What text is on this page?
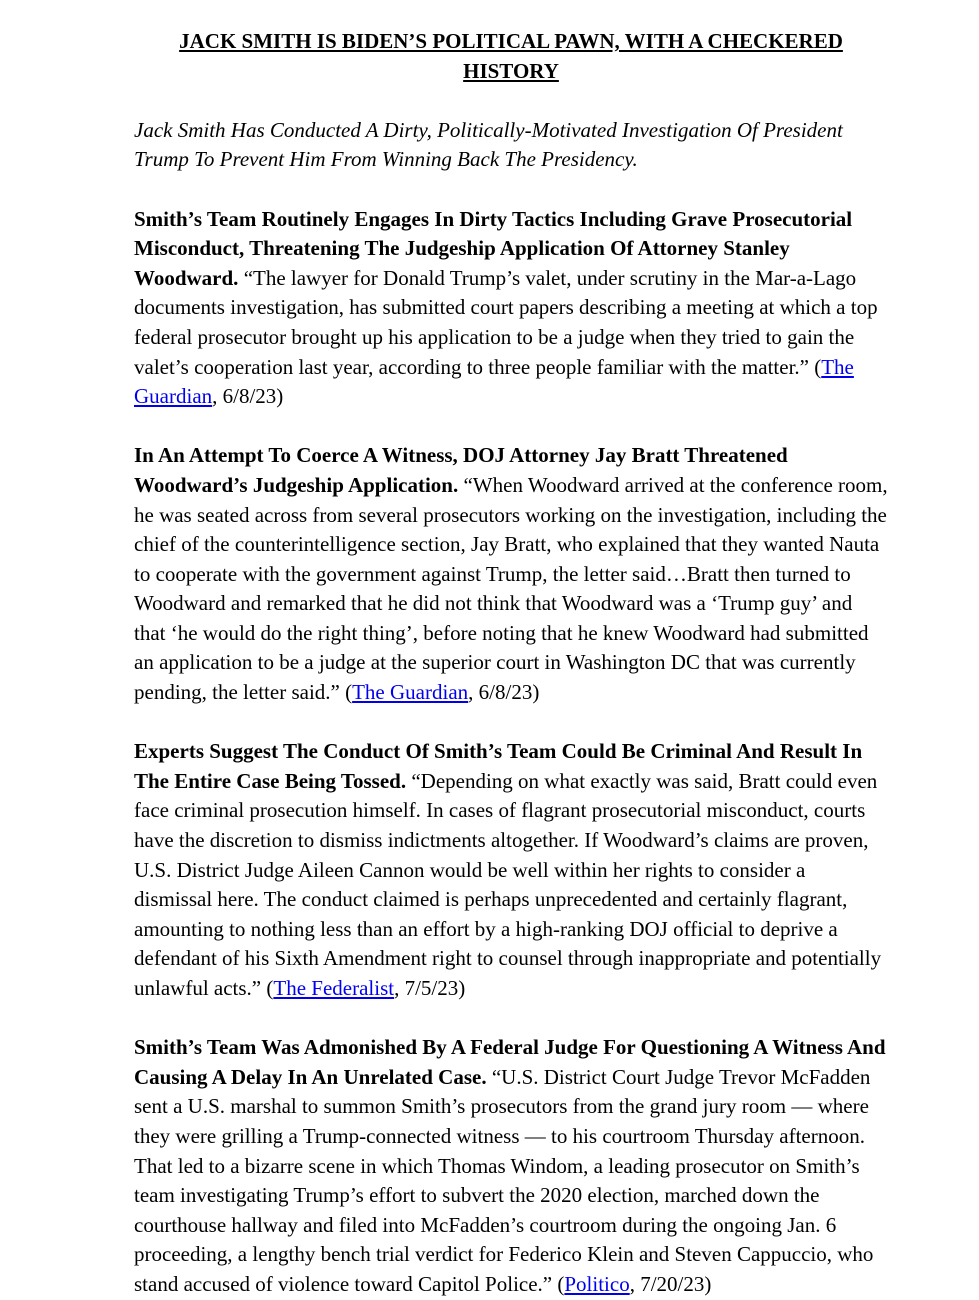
JACK SMITH IS BIDEN’S POLITICAL PAWN, WITH A CHECKERED HISTORY

Jack Smith Has Conducted A Dirty, Politically-Motivated Investigation Of President Trump To Prevent Him From Winning Back The Presidency.

Smith’s Team Routinely Engages In Dirty Tactics Including Grave Prosecutorial Misconduct, Threatening The Judgeship Application Of Attorney Stanley Woodward. “The lawyer for Donald Trump’s valet, under scrutiny in the Mar-a-Lago documents investigation, has submitted court papers describing a meeting at which a top federal prosecutor brought up his application to be a judge when they tried to gain the valet’s cooperation last year, according to three people familiar with the matter.” (The Guardian, 6/8/23)

In An Attempt To Coerce A Witness, DOJ Attorney Jay Bratt Threatened Woodward’s Judgeship Application. “When Woodward arrived at the conference room, he was seated across from several prosecutors working on the investigation, including the chief of the counterintelligence section, Jay Bratt, who explained that they wanted Nauta to cooperate with the government against Trump, the letter said…Bratt then turned to Woodward and remarked that he did not think that Woodward was a ‘Trump guy’ and that ‘he would do the right thing’, before noting that he knew Woodward had submitted an application to be a judge at the superior court in Washington DC that was currently pending, the letter said.” (The Guardian, 6/8/23)

Experts Suggest The Conduct Of Smith’s Team Could Be Criminal And Result In The Entire Case Being Tossed. “Depending on what exactly was said, Bratt could even face criminal prosecution himself. In cases of flagrant prosecutorial misconduct, courts have the discretion to dismiss indictments altogether. If Woodward’s claims are proven, U.S. District Judge Aileen Cannon would be well within her rights to consider a dismissal here. The conduct claimed is perhaps unprecedented and certainly flagrant, amounting to nothing less than an effort by a high-ranking DOJ official to deprive a defendant of his Sixth Amendment right to counsel through inappropriate and potentially unlawful acts.” (The Federalist, 7/5/23)

Smith’s Team Was Admonished By A Federal Judge For Questioning A Witness And Causing A Delay In An Unrelated Case. “U.S. District Court Judge Trevor McFadden sent a U.S. marshal to summon Smith’s prosecutors from the grand jury room — where they were grilling a Trump-connected witness — to his courtroom Thursday afternoon. That led to a bizarre scene in which Thomas Windom, a leading prosecutor on Smith’s team investigating Trump’s effort to subvert the 2020 election, marched down the courthouse hallway and filed into McFadden’s courtroom during the ongoing Jan. 6 proceeding, a lengthy bench trial verdict for Federico Klein and Steven Cappuccio, who stand accused of violence toward Capitol Police.” (Politico, 7/20/23)
